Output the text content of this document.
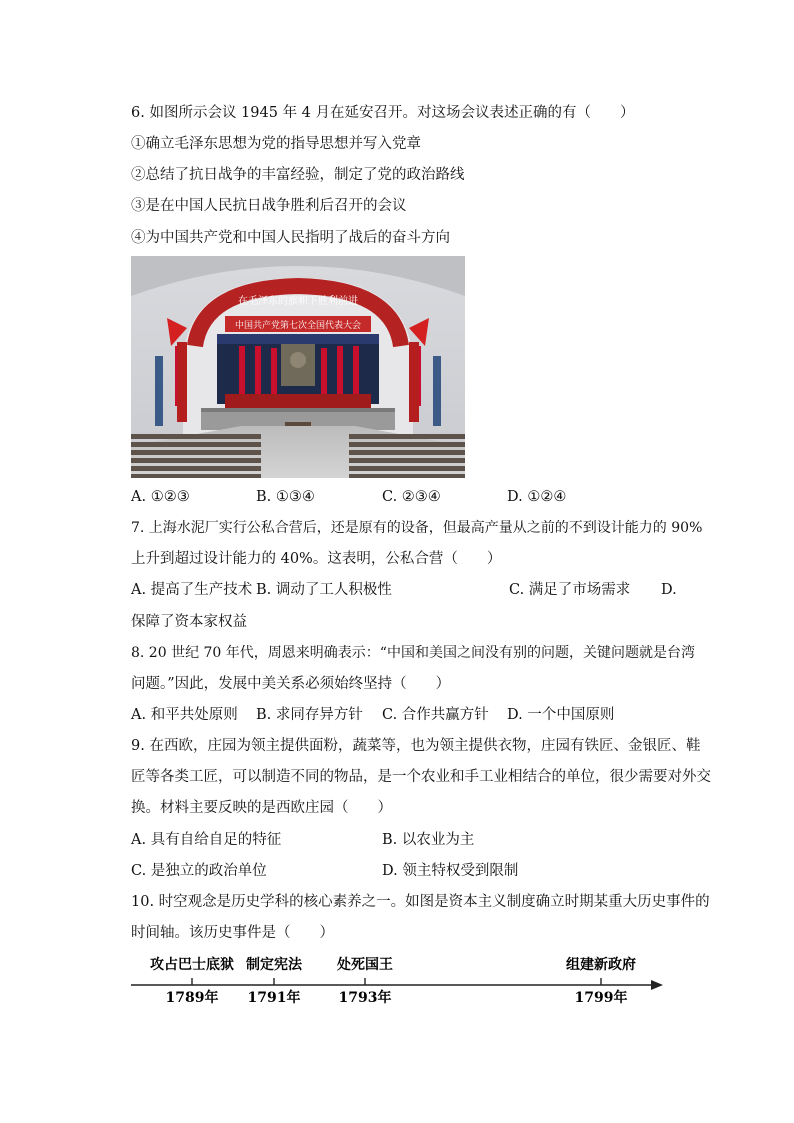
6. 如图所示会议 1945 年 4 月在延安召开。对这场会议表述正确的有（　　）
①确立毛泽东思想为党的指导思想并写入党章
②总结了抗日战争的丰富经验，制定了党的政治路线
③是在中国人民抗日战争胜利后召开的会议
④为中国共产党和中国人民指明了战后的奋斗方向
在毛泽东的旗帜下胜利前进
中国共产党第七次全国代表大会
A. ①②③	B. ①③④	C. ②③④	D. ①②④
7. 上海水泥厂实行公私合营后，还是原有的设备，但最高产量从之前的不到设计能力的 90%
上升到超过设计能力的 40%。这表明，公私合营（　　）
A. 提高了生产技术 B. 调动了工人积极性	C. 满足了市场需求 D.
保障了资本家权益
8. 20 世纪 70 年代，周恩来明确表示：“中国和美国之间没有别的问题，关键问题就是台湾
问题。”因此，发展中美关系必须始终坚持（　　）
A. 和平共处原则 B. 求同存异方针 C. 合作共赢方针 D. 一个中国原则
9. 在西欧，庄园为领主提供面粉，蔬菜等，也为领主提供衣物，庄园有铁匠、金银匠、鞋
匠等各类工匠，可以制造不同的物品，是一个农业和手工业相结合的单位，很少需要对外交
换。材料主要反映的是西欧庄园（　　）
A. 具有自给自足的特征	B. 以农业为主
C. 是独立的政治单位	D. 领主特权受到限制
10. 时空观念是历史学科的核心素养之一。如图是资本主义制度确立时期某重大历史事件的
时间轴。该历史事件是（　　）
攻占巴士底狱
1789年
制定宪法
1791年
处死国王
1793年
组建新政府
1799年
